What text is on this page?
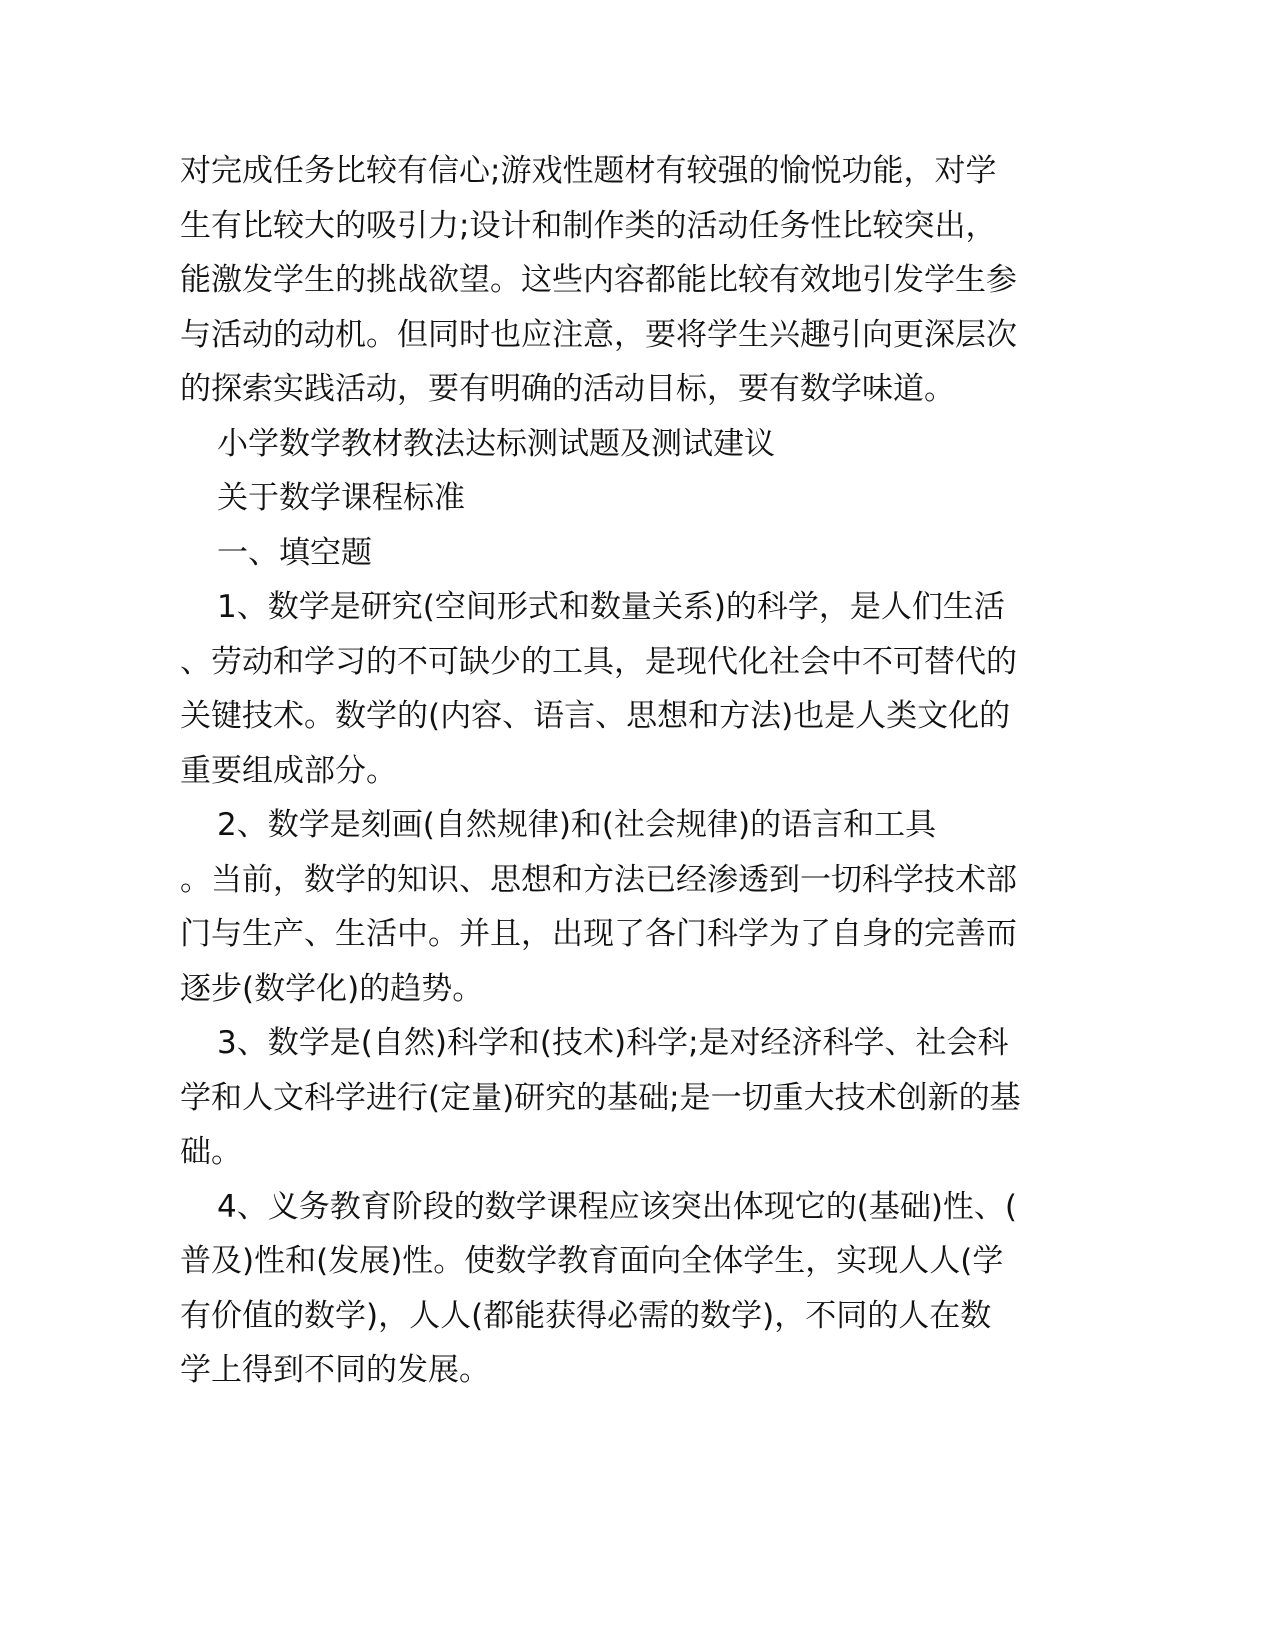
对完成任务比较有信心;游戏性题材有较强的愉悦功能，对学
生有比较大的吸引力;设计和制作类的活动任务性比较突出，
能激发学生的挑战欲望。这些内容都能比较有效地引发学生参
与活动的动机。但同时也应注意，要将学生兴趣引向更深层次
的探索实践活动，要有明确的活动目标，要有数学味道。
小学数学教材教法达标测试题及测试建议
关于数学课程标准
一、填空题
1、数学是研究(空间形式和数量关系)的科学，是人们生活
、劳动和学习的不可缺少的工具，是现代化社会中不可替代的
关键技术。数学的(内容、语言、思想和方法)也是人类文化的
重要组成部分。
2、数学是刻画(自然规律)和(社会规律)的语言和工具
。当前，数学的知识、思想和方法已经渗透到一切科学技术部
门与生产、生活中。并且，出现了各门科学为了自身的完善而
逐步(数学化)的趋势。
3、数学是(自然)科学和(技术)科学;是对经济科学、社会科
学和人文科学进行(定量)研究的基础;是一切重大技术创新的基
础。
4、义务教育阶段的数学课程应该突出体现它的(基础)性、(
普及)性和(发展)性。使数学教育面向全体学生，实现人人(学
有价值的数学)，人人(都能获得必需的数学)，不同的人在数
学上得到不同的发展。
